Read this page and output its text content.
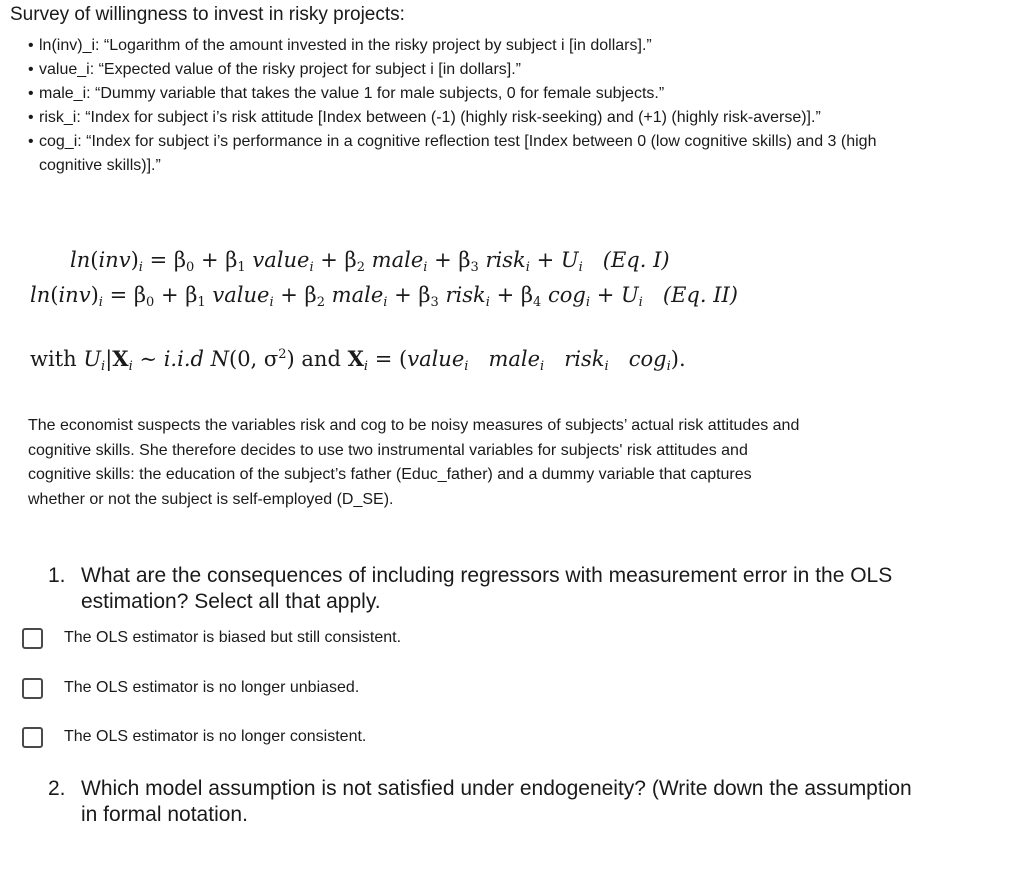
Survey of willingness to invest in risky projects:
• ln(inv)_i: “Logarithm of the amount invested in the risky project by subject i [in dollars].”
• value_i: “Expected value of the risky project for subject i [in dollars].”
• male_i: “Dummy variable that takes the value 1 for male subjects, 0 for female subjects.”
• risk_i: “Index for subject i’s risk attitude [Index between (-1) (highly risk-seeking) and (+1) (highly risk-averse)].”
• cog_i: “Index for subject i’s performance in a cognitive reflection test [Index between 0 (low cognitive skills) and 3 (high cognitive skills)].”
$\ln(inv)_i = \beta_0 + \beta_1$ value$_i$ + $\beta_2$ male$_i$ + $\beta_3$ risk$_i$ + $U_i$ (Eq. I)
$\ln(inv)_i = \beta_0 + \beta_1$ value$_i$ + $\beta_2$ male$_i$ + $\beta_3$ risk$_i$ + $\beta_4$ $cog_i + U_i$ (Eq. II)
with $U_i|X_i$ ∼ i.i.d N(0, $\sigma^2$) and $X_i$ = (value$_i$ male$_i$ risk$_i$ cog$_i$).
The economist suspects the variables risk and cog to be noisy measures of subjects’ actual risk attitudes and cognitive skills. She therefore decides to use two instrumental variables for subjects' risk attitudes and cognitive skills: the education of the subject’s father (Educ_father) and a dummy variable that captures whether or not the subject is self-employed (D_SE).
1. What are the consequences of including regressors with measurement error in the OLS estimation? Select all that apply.
The OLS estimator is biased but still consistent.
The OLS estimator is no longer unbiased.
The OLS estimator is no longer consistent.
2. Which model assumption is not satisfied under endogeneity? (Write down the assumption in formal notation.
